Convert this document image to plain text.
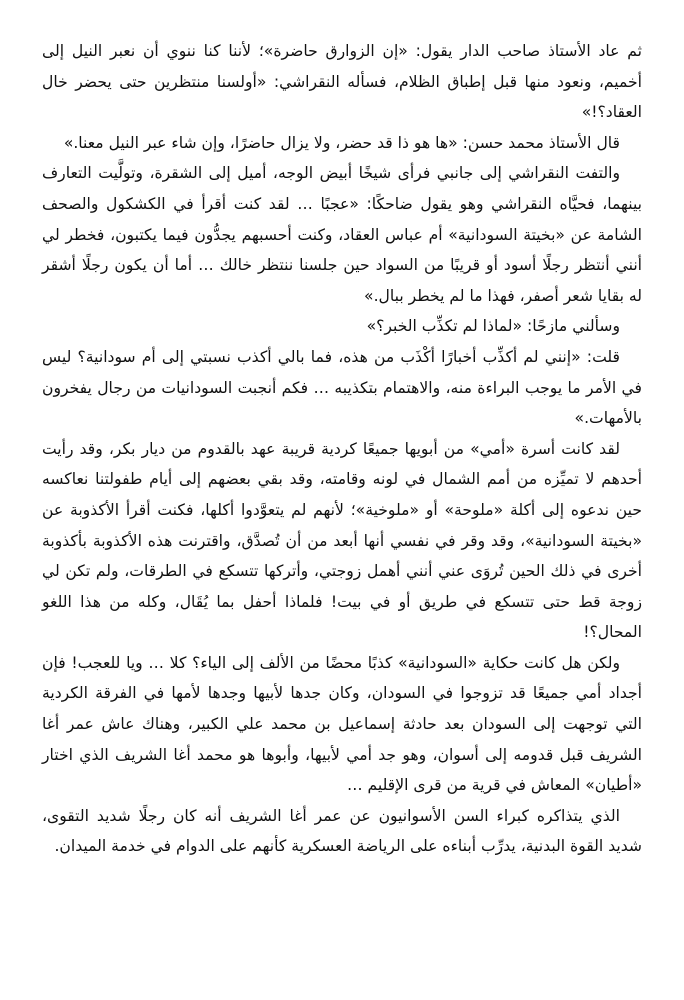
ثم عاد الأستاذ صاحب الدار يقول: «إن الزوارق حاضرة»؛ لأننا كنا ننوي أن نعبر النيل إلى أخميم، ونعود منها قبل إطباق الظلام، فسأله النقراشي: «أولسنا منتظرين حتى يحضر خال العقاد؟!»

قال الأستاذ محمد حسن: «ها هو ذا قد حضر، ولا يزال حاضرًا، وإن شاء عبر النيل معنا.»

والتفت النقراشي إلى جانبي فرأى شيخًا أبيض الوجه، أميل إلى الشقرة، وتولَّيت التعارف بينهما، فحيَّاه النقراشي وهو يقول ضاحكًا: «عجبًا … لقد كنت أقرأ في الكشكول والصحف الشامة عن «بخيتة السودانية» أم عباس العقاد، وكنت أحسبهم يجدُّون فيما يكتبون، فخطر لي أنني أنتظر رجلًا أسود أو قريبًا من السواد حين جلسنا ننتظر خالك … أما أن يكون رجلًا أشقر له بقايا شعر أصفر، فهذا ما لم يخطر ببال.»

وسألني مازحًا: «لماذا لم تكذِّب الخبر؟»

قلت: «إنني لم أكذِّب أخبارًا أكْذَب من هذه، فما بالي أكذب نسبتي إلى أم سودانية؟ ليس في الأمر ما يوجب البراءة منه، والاهتمام بتكذيبه … فكم أنجبت السودانيات من رجال يفخرون بالأمهات.»

لقد كانت أسرة «أمي» من أبويها جميعًا كردية قريبة عهد بالقدوم من ديار بكر، وقد رأيت أحدهم لا تميِّزه من أمم الشمال في لونه وقامته، وقد بقي بعضهم إلى أيام طفولتنا نعاكسه حين ندعوه إلى أكلة «ملوحة» أو «ملوخية»؛ لأنهم لم يتعوَّدوا أكلها، فكنت أقرأ الأكذوبة عن «بخيتة السودانية»، وقد وقر في نفسي أنها أبعد من أن تُصدَّق، واقترنت هذه الأكذوبة بأكذوبة أخرى في ذلك الحين تُروَى عني أنني أهمل زوجتي، وأتركها تتسكع في الطرقات، ولم تكن لي زوجة قط حتى تتسكع في طريق أو في بيت! فلماذا أحفل بما يُقَال، وكله من هذا اللغو المحال؟!

ولكن هل كانت حكاية «السودانية» كذبًا محضًا من الألف إلى الياء؟ كلا … ويا للعجب! فإن أجداد أمي جميعًا قد تزوجوا في السودان، وكان جدها لأبيها وجدها لأمها في الفرقة الكردية التي توجهت إلى السودان بعد حادثة إسماعيل بن محمد علي الكبير، وهناك عاش عمر أغا الشريف قبل قدومه إلى أسوان، وهو جد أمي لأبيها، وأبوها هو محمد أغا الشريف الذي اختار «أطيان» المعاش في قرية من قرى الإقليم …

الذي يتذاكره كبراء السن الأسوانيون عن عمر أغا الشريف أنه كان رجلًا شديد التقوى، شديد القوة البدنية، يدرِّب أبناءه على الرياضة العسكرية كأنهم على الدوام في خدمة الميدان.
